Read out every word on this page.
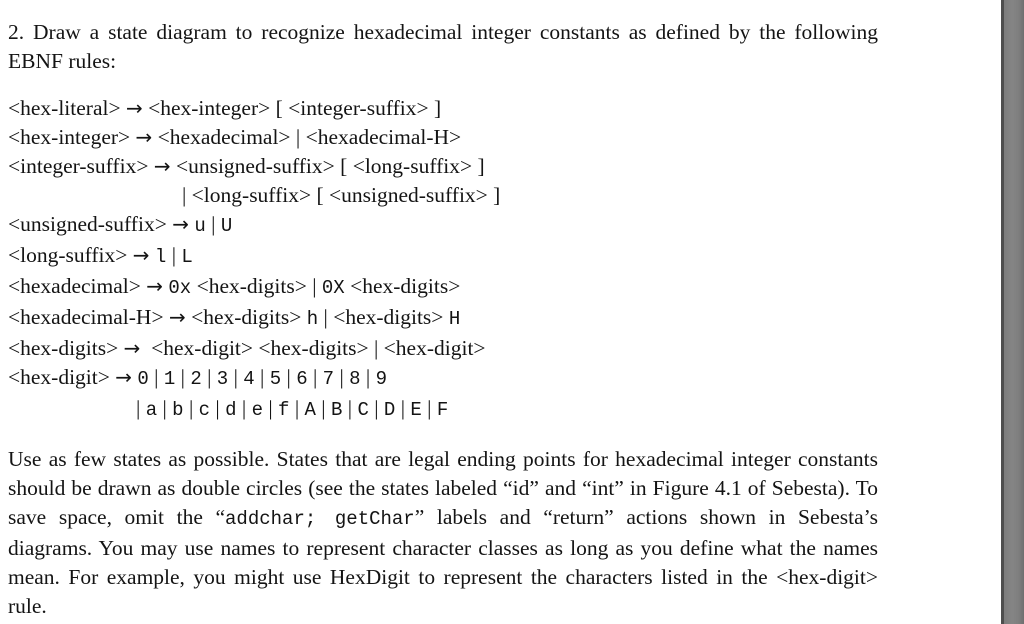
2. Draw a state diagram to recognize hexadecimal integer constants as defined by the following EBNF rules:

<hex-literal> → <hex-integer> [ <integer-suffix> ]
<hex-integer> → <hexadecimal> | <hexadecimal-H>
<integer-suffix> → <unsigned-suffix> [ <long-suffix> ]
| <long-suffix> [ <unsigned-suffix> ]
<unsigned-suffix> → u | U
<long-suffix> → l | L
<hexadecimal> → 0x <hex-digits> | 0X <hex-digits>
<hexadecimal-H> → <hex-digits> h | <hex-digits> H
<hex-digits> → <hex-digit> <hex-digits> | <hex-digit>
<hex-digit> → 0 | 1 | 2 | 3 | 4 | 5 | 6 | 7 | 8 | 9
| a | b | c | d | e | f | A | B | C | D | E | F

Use as few states as possible. States that are legal ending points for hexadecimal integer constants should be drawn as double circles (see the states labeled “id” and “int” in Figure 4.1 of Sebesta). To save space, omit the “addchar; getChar” labels and “return” actions shown in Sebesta’s diagrams. You may use names to represent character classes as long as you define what the names mean. For example, you might use HexDigit to represent the characters listed in the <hex-digit> rule.
